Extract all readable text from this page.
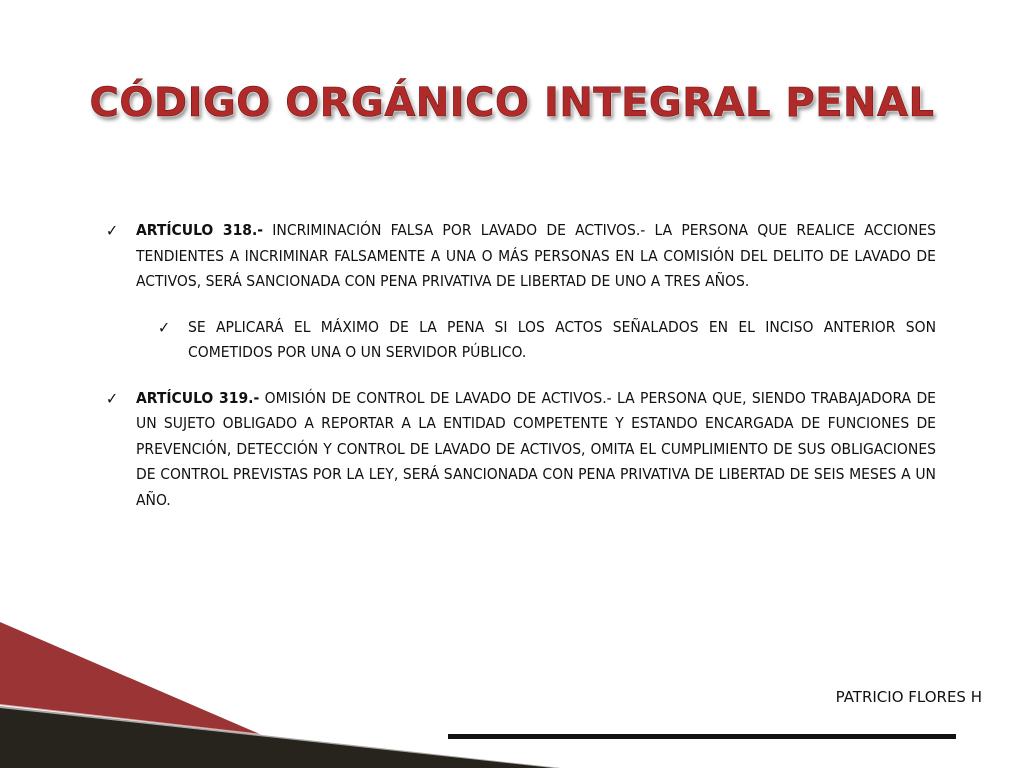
CÓDIGO ORGÁNICO INTEGRAL PENAL
✓ ARTÍCULO 318.- INCRIMINACIÓN FALSA POR LAVADO DE ACTIVOS.- LA PERSONA QUE REALICE ACCIONES TENDIENTES A INCRIMINAR FALSAMENTE A UNA O MÁS PERSONAS EN LA COMISIÓN DEL DELITO DE LAVADO DE ACTIVOS, SERÁ SANCIONADA CON PENA PRIVATIVA DE LIBERTAD DE UNO A TRES AÑOS.
✓ SE APLICARÁ EL MÁXIMO DE LA PENA SI LOS ACTOS SEÑALADOS EN EL INCISO ANTERIOR SON COMETIDOS POR UNA O UN SERVIDOR PÚBLICO.
✓ ARTÍCULO 319.- OMISIÓN DE CONTROL DE LAVADO DE ACTIVOS.- LA PERSONA QUE, SIENDO TRABAJADORA DE UN SUJETO OBLIGADO A REPORTAR A LA ENTIDAD COMPETENTE Y ESTANDO ENCARGADA DE FUNCIONES DE PREVENCIÓN, DETECCIÓN Y CONTROL DE LAVADO DE ACTIVOS, OMITA EL CUMPLIMIENTO DE SUS OBLIGACIONES DE CONTROL PREVISTAS POR LA LEY, SERÁ SANCIONADA CON PENA PRIVATIVA DE LIBERTAD DE SEIS MESES A UN AÑO.
PATRICIO FLORES H
